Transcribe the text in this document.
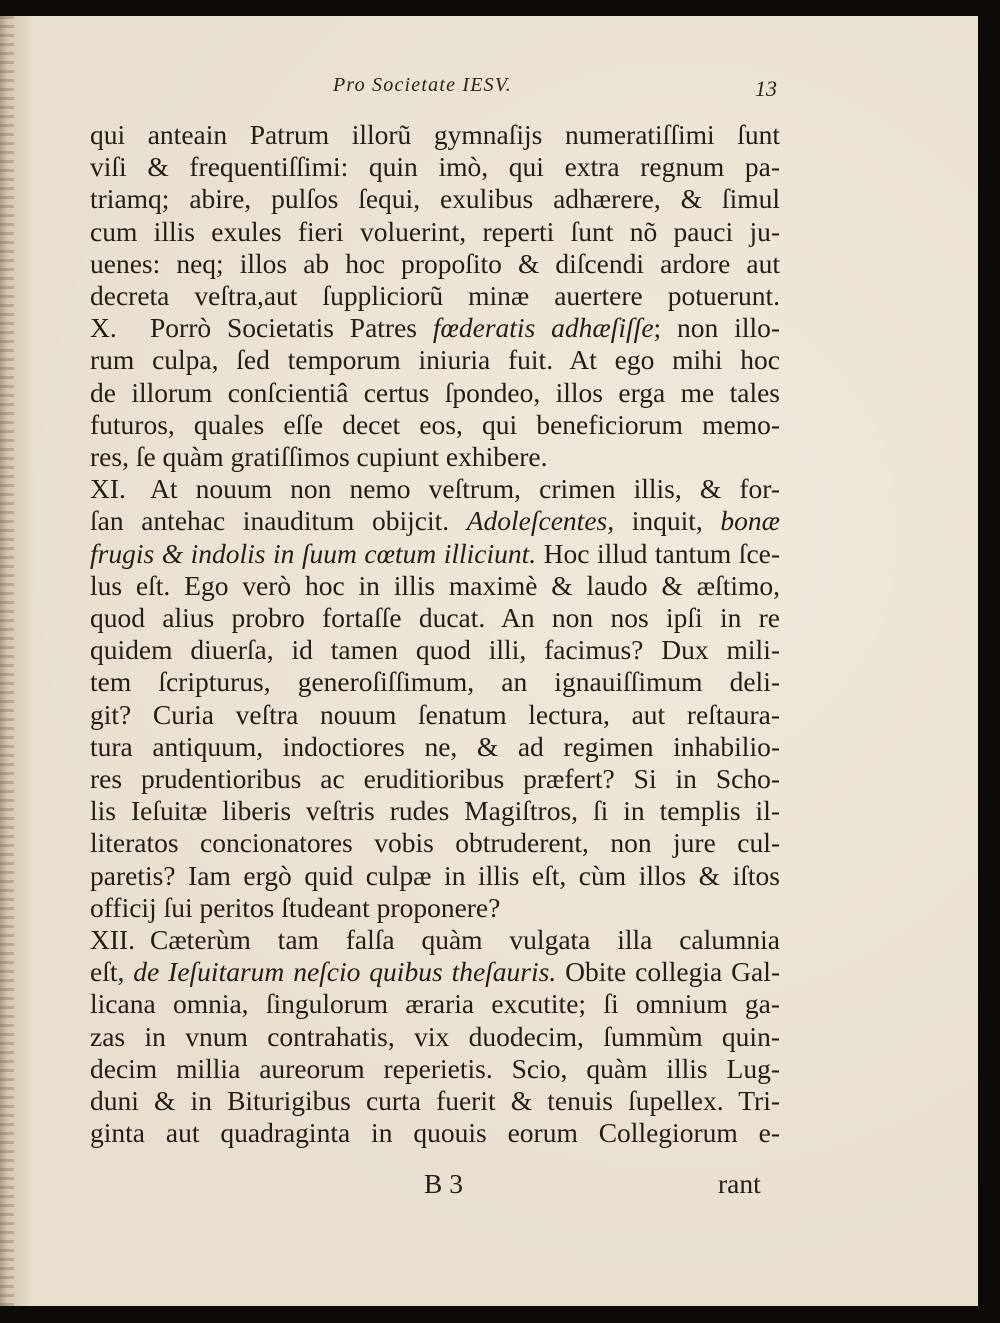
Pro Societate IESV.	13
qui anteain Patrum illorũ gymnaſijs numeratiſſimi ſunt
viſi & frequentiſſimi: quin imò, qui extra regnum pa-
triamq; abire, pulſos ſequi, exulibus adhærere, & ſimul
cum illis exules fieri voluerint, reperti ſunt nõ pauci ju-
uenes: neq; illos ab hoc propoſito & diſcendi ardore aut
decreta veſtra,aut ſuppliciorũ minæ auertere potuerunt.
X. Porrò Societatis Patres fœderatis adhæſiſſe; non illo-
rum culpa, ſed temporum iniuria fuit. At ego mihi hoc
de illorum conſcientiâ certus ſpondeo, illos erga me tales
futuros, quales eſſe decet eos, qui beneficiorum memo-
res, ſe quàm gratiſſimos cupiunt exhibere.
XI. At nouum non nemo veſtrum, crimen illis, & for-
ſan antehac inauditum obijcit. Adoleſcentes, inquit, bonæ
frugis & indolis in ſuum cœtum illiciunt. Hoc illud tantum ſce-
lus eſt. Ego verò hoc in illis maximè & laudo & æſtimo,
quod alius probro fortaſſe ducat. An non nos ipſi in re
quidem diuerſa, id tamen quod illi, facimus? Dux mili-
tem ſcripturus, generoſiſſimum, an ignauiſſimum deli-
git? Curia veſtra nouum ſenatum lectura, aut reſtaura-
tura antiquum, indoctiores ne, & ad regimen inhabilio-
res prudentioribus ac eruditioribus præfert? Si in Scho-
lis Ieſuitæ liberis veſtris rudes Magiſtros, ſi in templis il-
literatos concionatores vobis obtruderent, non jure cul-
paretis? Iam ergò quid culpæ in illis eſt, cùm illos & iſtos
officij ſui peritos ſtudeant proponere?
XII. Cæterùm tam falſa quàm vulgata illa calumnia
eſt, de Ieſuitarum neſcio quibus theſauris. Obite collegia Gal-
licana omnia, ſingulorum æraria excutite; ſi omnium ga-
zas in vnum contrahatis, vix duodecim, ſummùm quin-
decim millia aureorum reperietis. Scio, quàm illis Lug-
duni & in Biturigibus curta fuerit & tenuis ſupellex. Tri-
ginta aut quadraginta in quouis eorum Collegiorum e-
B 3	rant
